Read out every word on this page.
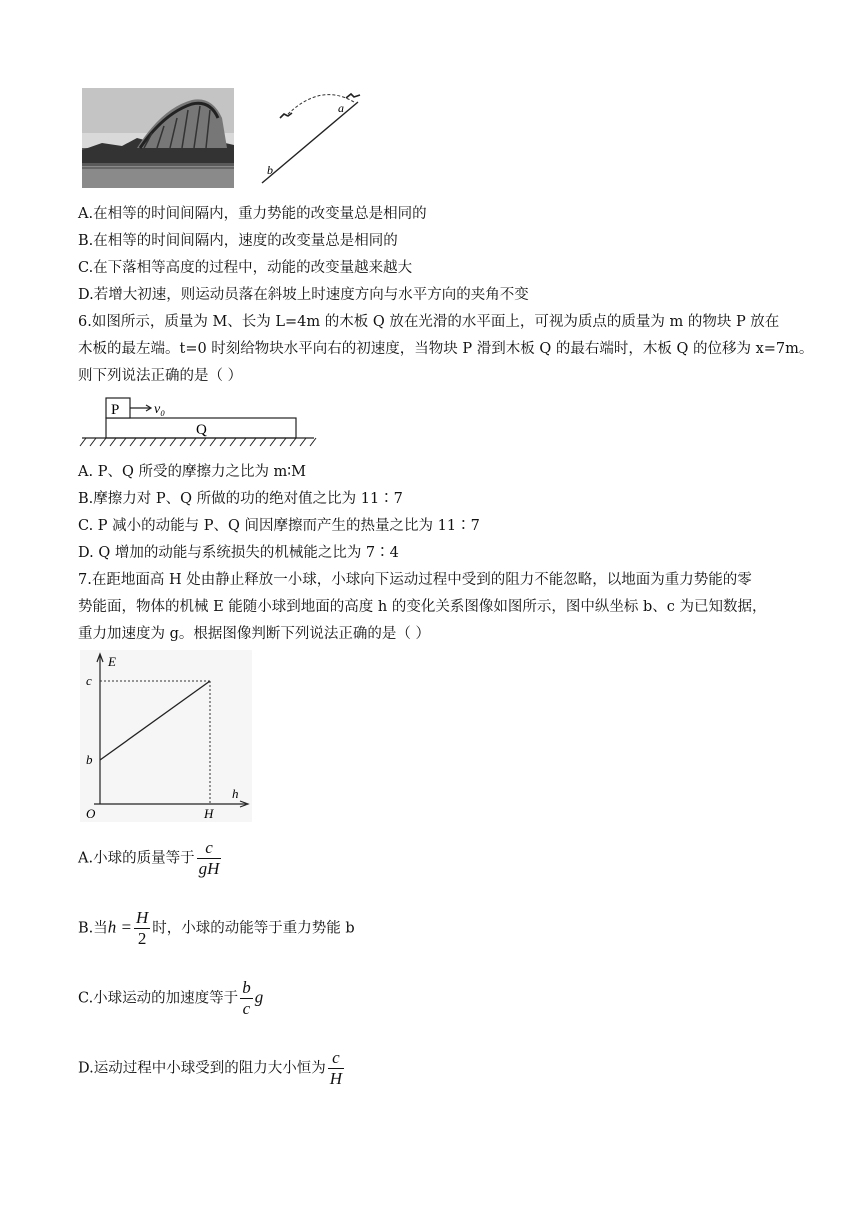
a
b
A.在相等的时间间隔内，重力势能的改变量总是相同的
B.在相等的时间间隔内，速度的改变量总是相同的
C.在下落相等高度的过程中，动能的改变量越来越大
D.若增大初速，则运动员落在斜坡上时速度方向与水平方向的夹角不变
6.如图所示，质量为 M、长为 L=4m 的木板 Q 放在光滑的水平面上，可视为质点的质量为 m 的物块 P 放在
木板的最左端。t=0 时刻给物块水平向右的初速度，当物块 P 滑到木板 Q 的最右端时，木板 Q 的位移为 x=7m。
则下列说法正确的是（ ）
P v₀
Q
A. P、Q 所受的摩擦力之比为 m∶M
B.摩擦力对 P、Q 所做的功的绝对值之比为 11∶7
C. P 减小的动能与 P、Q 间因摩擦而产生的热量之比为 11∶7
D. Q 增加的动能与系统损失的机械能之比为 7∶4
7.在距地面高 H 处由静止释放一小球，小球向下运动过程中受到的阻力不能忽略，以地面为重力势能的零
势能面，物体的机械 E 能随小球到地面的高度 h 的变化关系图像如图所示，图中纵坐标 b、c 为已知数据，
重力加速度为 g。根据图像判断下列说法正确的是（ ）
E
h
O
c
b
H
A.小球的质量等于 $\frac{c}{gH}$
B.当$h = \frac{H}{2}$ 时，小球的动能等于重力势能 b
C.小球运动的加速度等于 $\frac{b}{c}$ g
D.运动过程中小球受到的阻力大小恒为 $\frac{c}{H}$
